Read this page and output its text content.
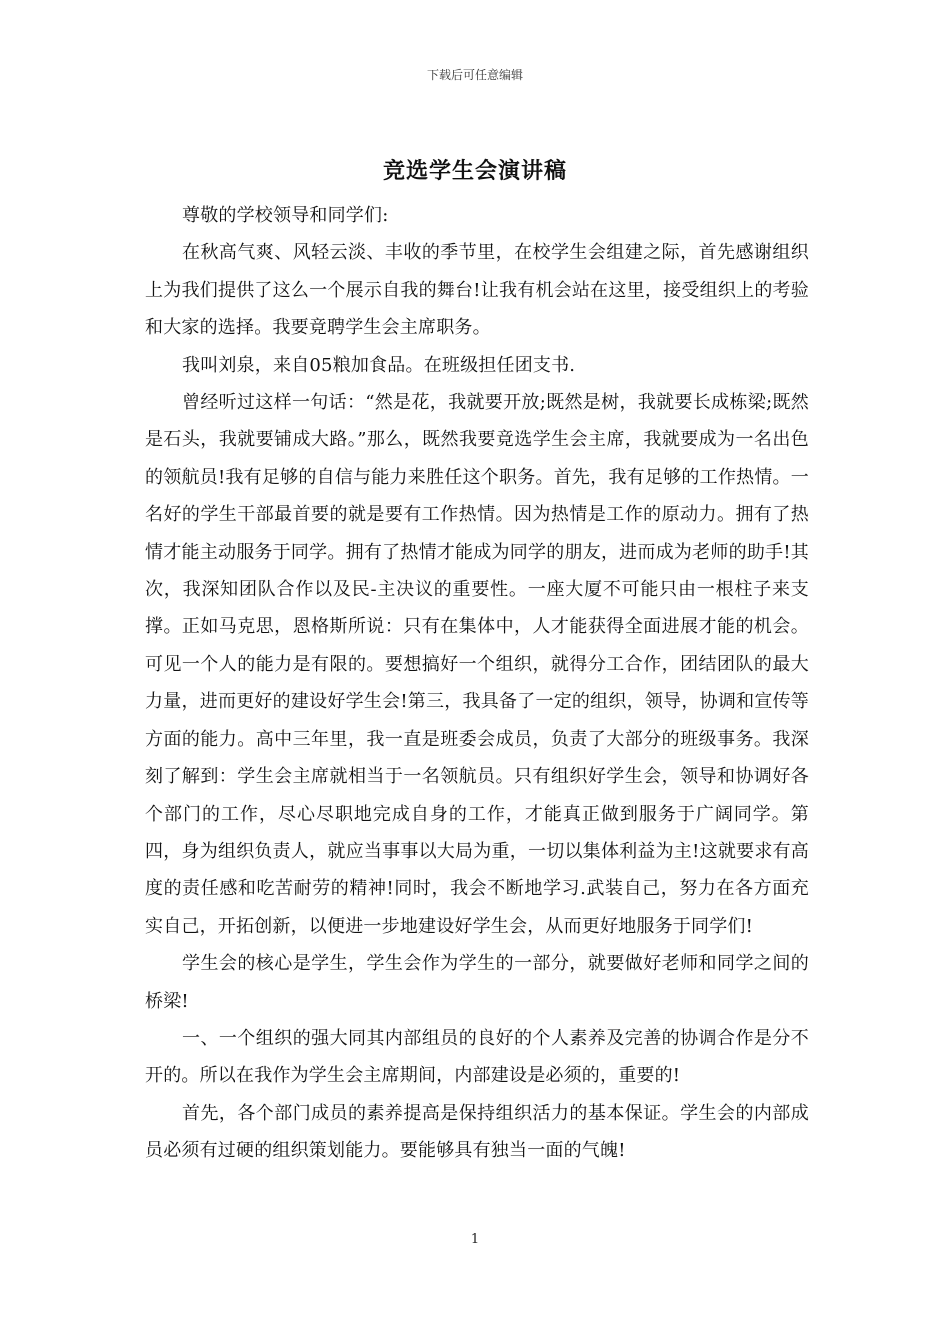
下载后可任意编辑
竞选学生会演讲稿

尊敬的学校领导和同学们:

在秋高气爽、风轻云淡、丰收的季节里，在校学生会组建之际，首先感谢组织上为我们提供了这么一个展示自我的舞台!让我有机会站在这里，接受组织上的考验和大家的选择。我要竟聘学生会主席职务。

我叫刘泉，来自05粮加食品。在班级担任团支书.

曾经听过这样一句话：“然是花，我就要开放;既然是树，我就要长成栋梁;既然是石头，我就要铺成大路。”那么，既然我要竟选学生会主席，我就要成为一名出色的领航员!我有足够的自信与能力来胜任这个职务。首先，我有足够的工作热情。一名好的学生干部最首要的就是要有工作热情。因为热情是工作的原动力。拥有了热情才能主动服务于同学。拥有了热情才能成为同学的朋友，进而成为老师的助手!其次，我深知团队合作以及民-主决议的重要性。一座大厦不可能只由一根柱子来支撑。正如马克思，恩格斯所说：只有在集体中，人才能获得全面进展才能的机会。可见一个人的能力是有限的。要想搞好一个组织，就得分工合作，团结团队的最大力量，进而更好的建设好学生会!第三，我具备了一定的组织，领导，协调和宣传等方面的能力。高中三年里，我一直是班委会成员，负责了大部分的班级事务。我深刻了解到：学生会主席就相当于一名领航员。只有组织好学生会，领导和协调好各个部门的工作，尽心尽职地完成自身的工作，才能真正做到服务于广阔同学。第四，身为组织负责人，就应当事事以大局为重，一切以集体利益为主!这就要求有高度的责任感和吃苦耐劳的精神!同时，我会不断地学习.武装自己，努力在各方面充实自己，开拓创新，以便进一步地建设好学生会，从而更好地服务于同学们!

学生会的核心是学生，学生会作为学生的一部分，就要做好老师和同学之间的桥梁!

一、一个组织的强大同其内部组员的良好的个人素养及完善的协调合作是分不开的。所以在我作为学生会主席期间，内部建设是必须的，重要的!

首先，各个部门成员的素养提高是保持组织活力的基本保证。学生会的内部成员必须有过硬的组织策划能力。要能够具有独当一面的气魄!

1
